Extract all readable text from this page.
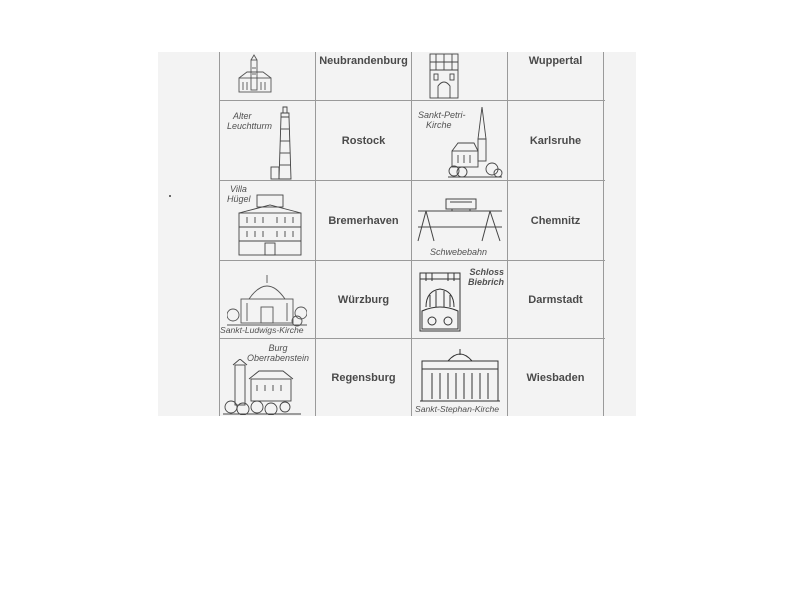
Neubrandenburg	Wuppertal
Alter
Leuchtturm
Rostock
Sankt-Petri-
Kirche
Karlsruhe
Villa
Hügel
Bremerhaven
Schwebebahn
Chemnitz
Sankt-Ludwigs-Kirche
Würzburg
Schloss
Biebrich
Darmstadt
Burg
Oberrabenstein
Regensburg
Sankt-Stephan-Kirche
Wiesbaden
